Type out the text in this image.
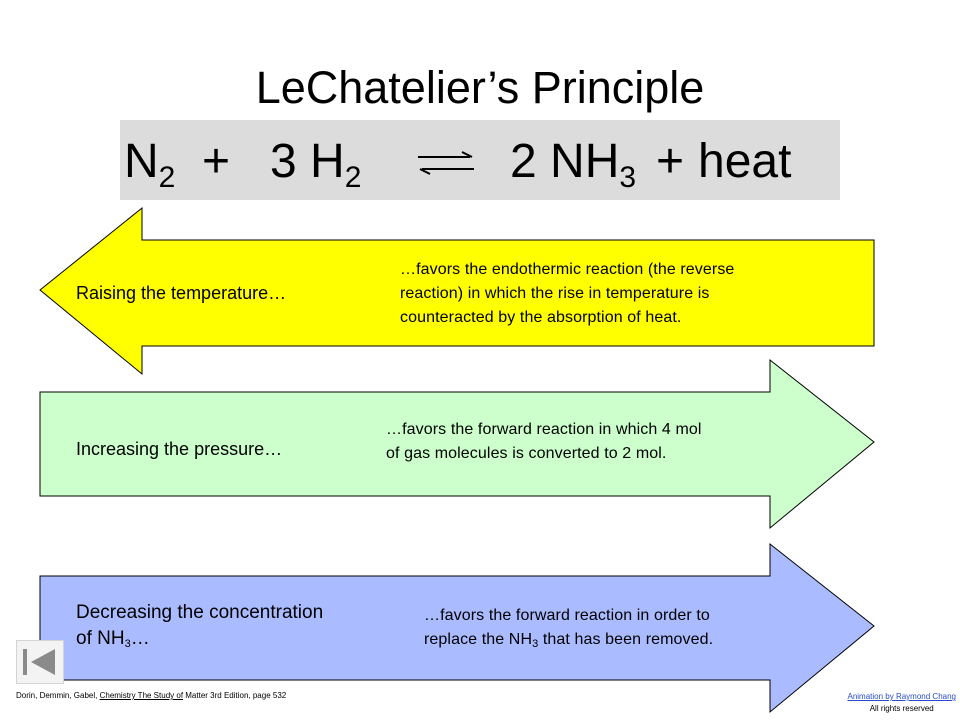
LeChatelier’s Principle
$N_2 + 3$ $H_2$	2 $NH_3$ + heat
Raising the temperature…
…favors the endothermic reaction (the reverse
reaction) in which the rise in temperature is
counteracted by the absorption of heat.
Increasing the pressure…
…favors the forward reaction in which 4 mol
of gas molecules is converted to 2 mol.
Decreasing the concentration
of $NH_3\dots$
…favors the forward reaction in order to
replace the $NH_3$ that has been removed.
Dorin, Demmin, Gabel, Chemistry The Study of Matter 3rd Edition, page 532	Animation by Raymond Chang
All rights reserved
